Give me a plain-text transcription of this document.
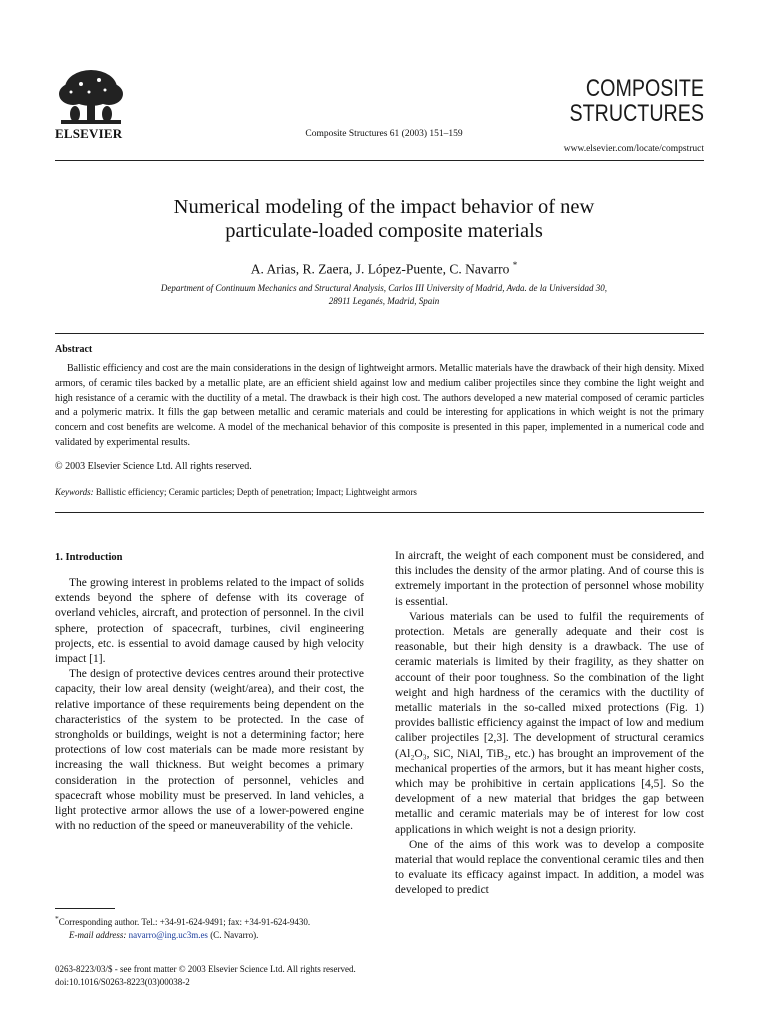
ELSEVIER	Composite Structures 61 (2003) 151–159
COMPOSITE
STRUCTURES
www.elsevier.com/locate/compstruct
Numerical modeling of the impact behavior of new
particulate-loaded composite materials
A. Arias, R. Zaera, J. López-Puente, C. Navarro *
Department of Continuum Mechanics and Structural Analysis, Carlos III University of Madrid, Avda. de la Universidad 30,
28911 Leganés, Madrid, Spain
Abstract

Ballistic efficiency and cost are the main considerations in the design of lightweight armors. Metallic materials have the drawback of their high density. Mixed armors, of ceramic tiles backed by a metallic plate, are an efficient shield against low and medium caliber projectiles since they combine the light weight and high resistance of a ceramic with the ductility of a metal. The drawback is their high cost. The authors developed a new material composed of ceramic particles and a polymeric matrix. It fills the gap between metallic and ceramic materials and could be interesting for applications in which weight is not the primary concern and cost benefits are welcome. A model of the mechanical behavior of this composite is presented in this paper, implemented in a numerical code and validated by experimental results.

© 2003 Elsevier Science Ltd. All rights reserved.
Keywords: Ballistic efficiency; Ceramic particles; Depth of penetration; Impact; Lightweight armors
1. Introduction

The growing interest in problems related to the impact of solids extends beyond the sphere of defense with its coverage of overland vehicles, aircraft, and protection of personnel. In the civil sphere, protection of spacecraft, turbines, civil engineering projects, etc. is essential to avoid damage caused by high velocity impact [1].

The design of protective devices centres around their protective capacity, their low areal density (weight/area), and their cost, the relative importance of these requirements being dependent on the characteristics of the system to be protected. In the case of strongholds or buildings, weight is not a determining factor; here protections of low cost materials can be made more resistant by increasing the wall thickness. But weight becomes a primary consideration in the protection of personnel, vehicles and spacecraft whose mobility must be preserved. In land vehicles, a light protective armor allows the use of a lower-powered engine with no reduction of the speed or maneuverability of the vehicle.

In aircraft, the weight of each component must be considered, and this includes the density of the armor plating. And of course this is extremely important in the protection of personnel whose mobility is essential.

Various materials can be used to fulfil the requirements of protection. Metals are generally adequate and their cost is reasonable, but their high density is a drawback. The use of ceramic materials is limited by their fragility, as they shatter on account of their poor toughness. So the combination of the light weight and high hardness of the ceramics with the ductility of metallic materials in the so-called mixed protections (Fig. 1) provides ballistic efficiency against the impact of low and medium caliber projectiles [2,3]. The development of structural ceramics (Al₂O₃, SiC, NiAl, TiB₂, etc.) has brought an improvement of the mechanical properties of the armors, but it has meant higher costs, which may be prohibitive in certain applications [4,5]. So the development of a new material that bridges the gap between metallic and ceramic materials may be of interest for low cost applications in which weight is not a design priority.

One of the aims of this work was to develop a composite material that would replace the conventional ceramic tiles and then to evaluate its efficacy against impact. In addition, a model was developed to predict

*Corresponding author. Tel.: +34-91-624-9491; fax: +34-91-624-9430.
E-mail address: navarro@ing.uc3m.es (C. Navarro).
0263-8223/03/$ - see front matter © 2003 Elsevier Science Ltd. All rights reserved.
doi:10.1016/S0263-8223(03)00038-2
